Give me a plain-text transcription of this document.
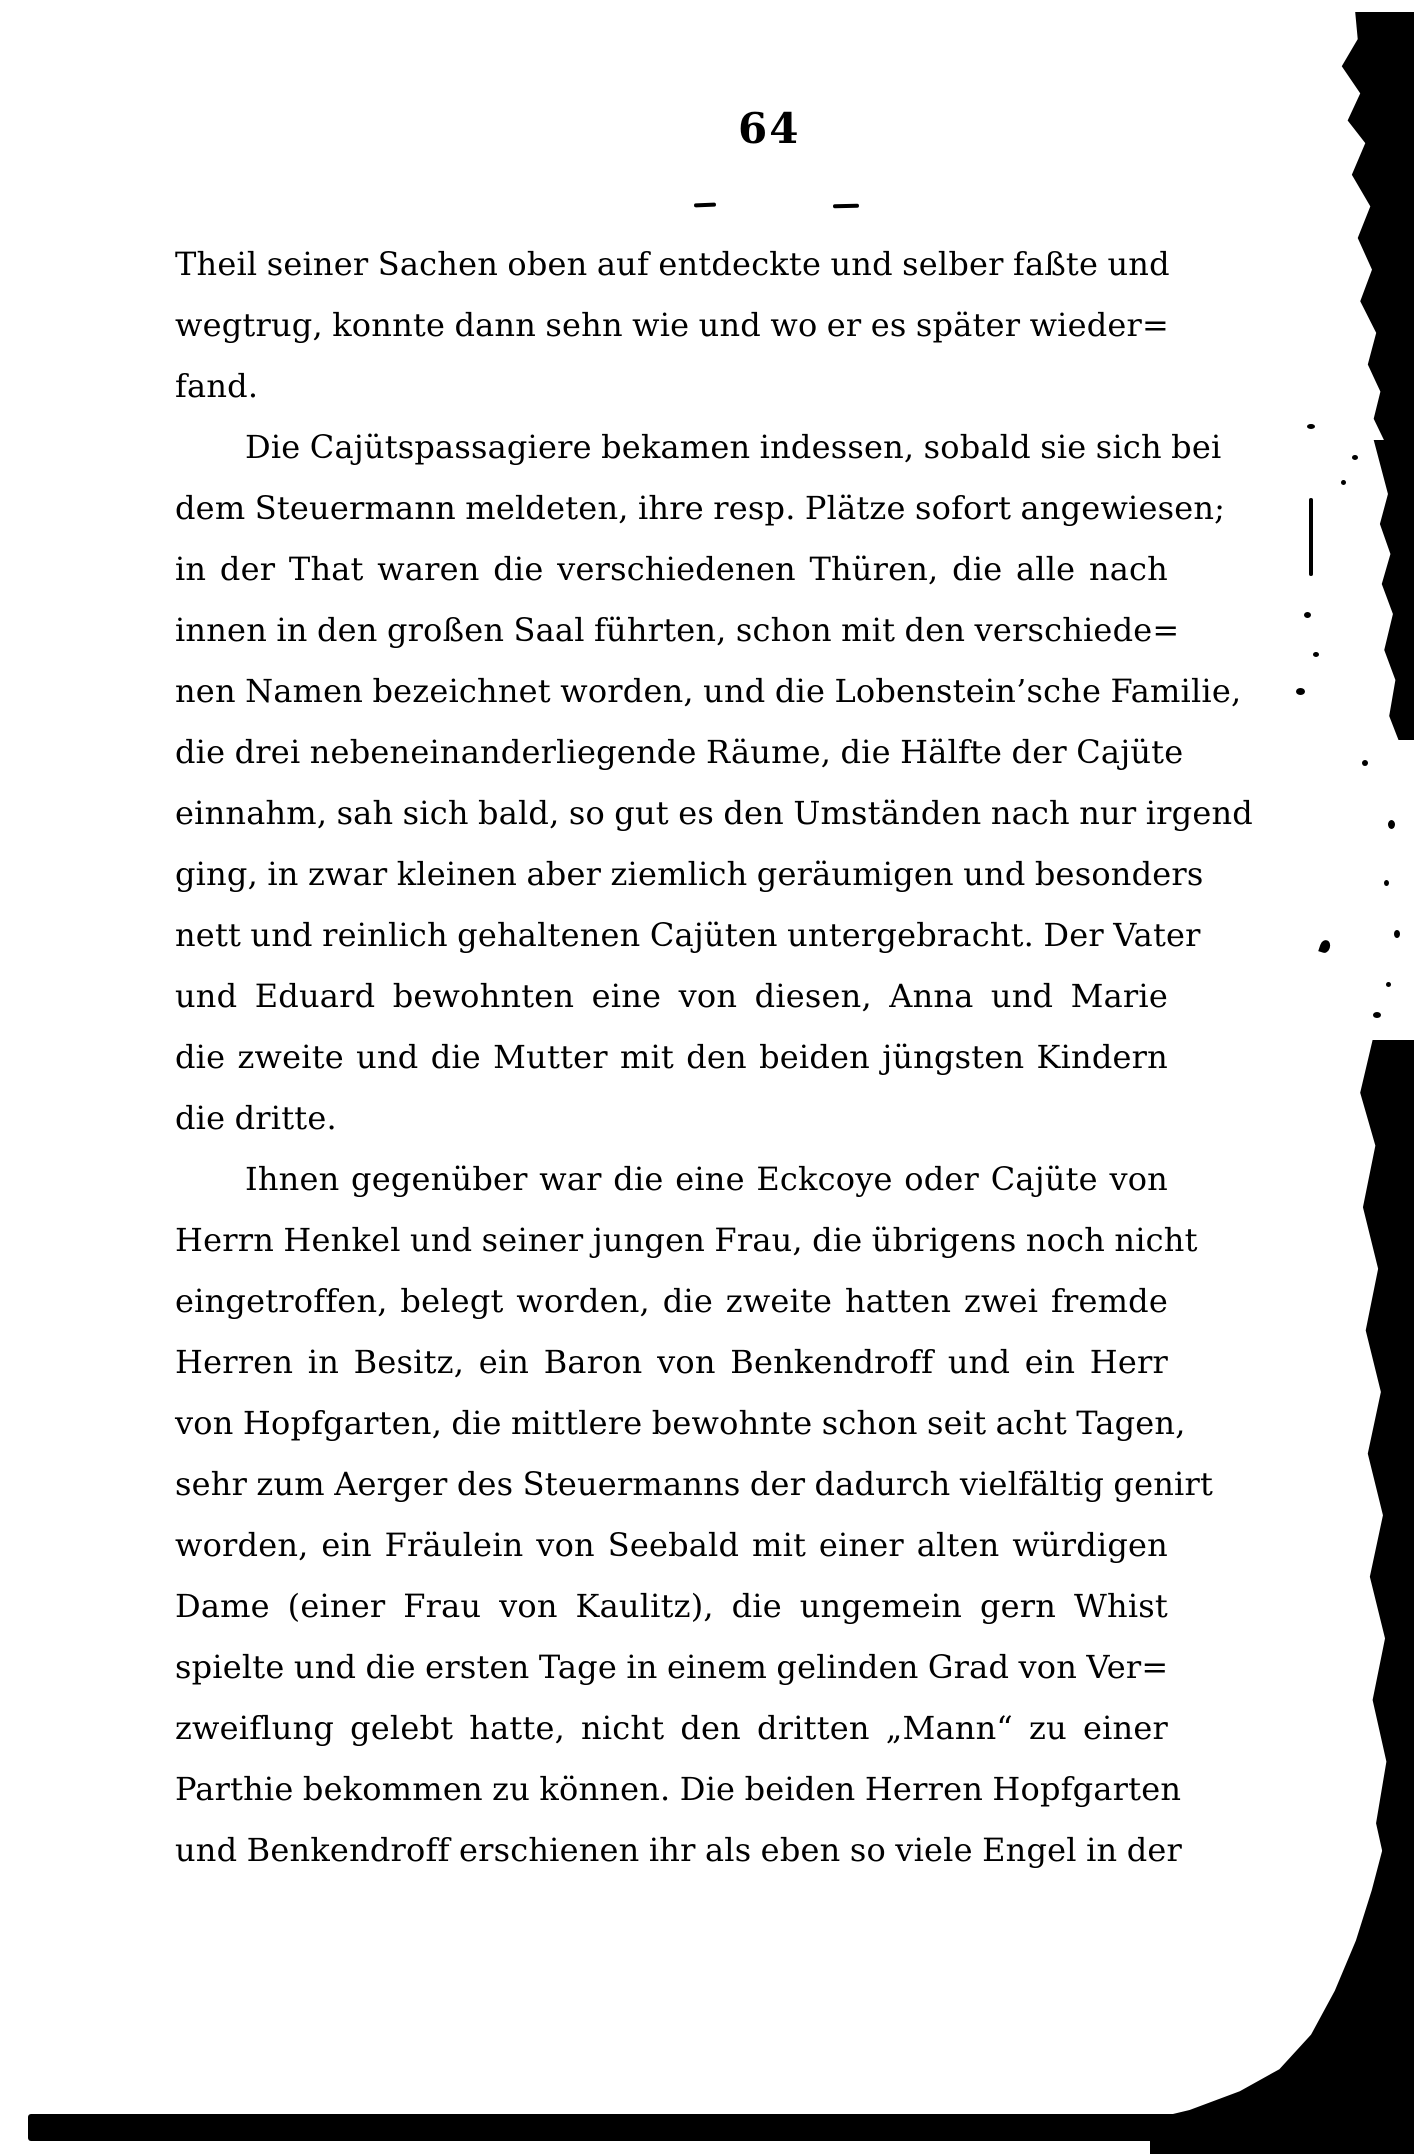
64
Theil seiner Sachen oben auf entdeckte und selber faßte und
wegtrug, konnte dann sehn wie und wo er es später wieder=
fand.
Die Cajütspassagiere bekamen indessen, sobald sie sich bei
dem Steuermann meldeten, ihre resp. Plätze sofort angewiesen;
in der That waren die verschiedenen Thüren, die alle nach
innen in den großen Saal führten, schon mit den verschiede=
nen Namen bezeichnet worden, und die Lobenstein’sche Familie,
die drei nebeneinanderliegende Räume, die Hälfte der Cajüte
einnahm, sah sich bald, so gut es den Umständen nach nur irgend
ging, in zwar kleinen aber ziemlich geräumigen und besonders
nett und reinlich gehaltenen Cajüten untergebracht. Der Vater
und Eduard bewohnten eine von diesen, Anna und Marie
die zweite und die Mutter mit den beiden jüngsten Kindern
die dritte.
Ihnen gegenüber war die eine Eckcoye oder Cajüte von
Herrn Henkel und seiner jungen Frau, die übrigens noch nicht
eingetroffen, belegt worden, die zweite hatten zwei fremde
Herren in Besitz, ein Baron von Benkendroff und ein Herr
von Hopfgarten, die mittlere bewohnte schon seit acht Tagen,
sehr zum Aerger des Steuermanns der dadurch vielfältig genirt
worden, ein Fräulein von Seebald mit einer alten würdigen
Dame (einer Frau von Kaulitz), die ungemein gern Whist
spielte und die ersten Tage in einem gelinden Grad von Ver=
zweiflung gelebt hatte, nicht den dritten „Mann“ zu einer
Parthie bekommen zu können. Die beiden Herren Hopfgarten
und Benkendroff erschienen ihr als eben so viele Engel in der
